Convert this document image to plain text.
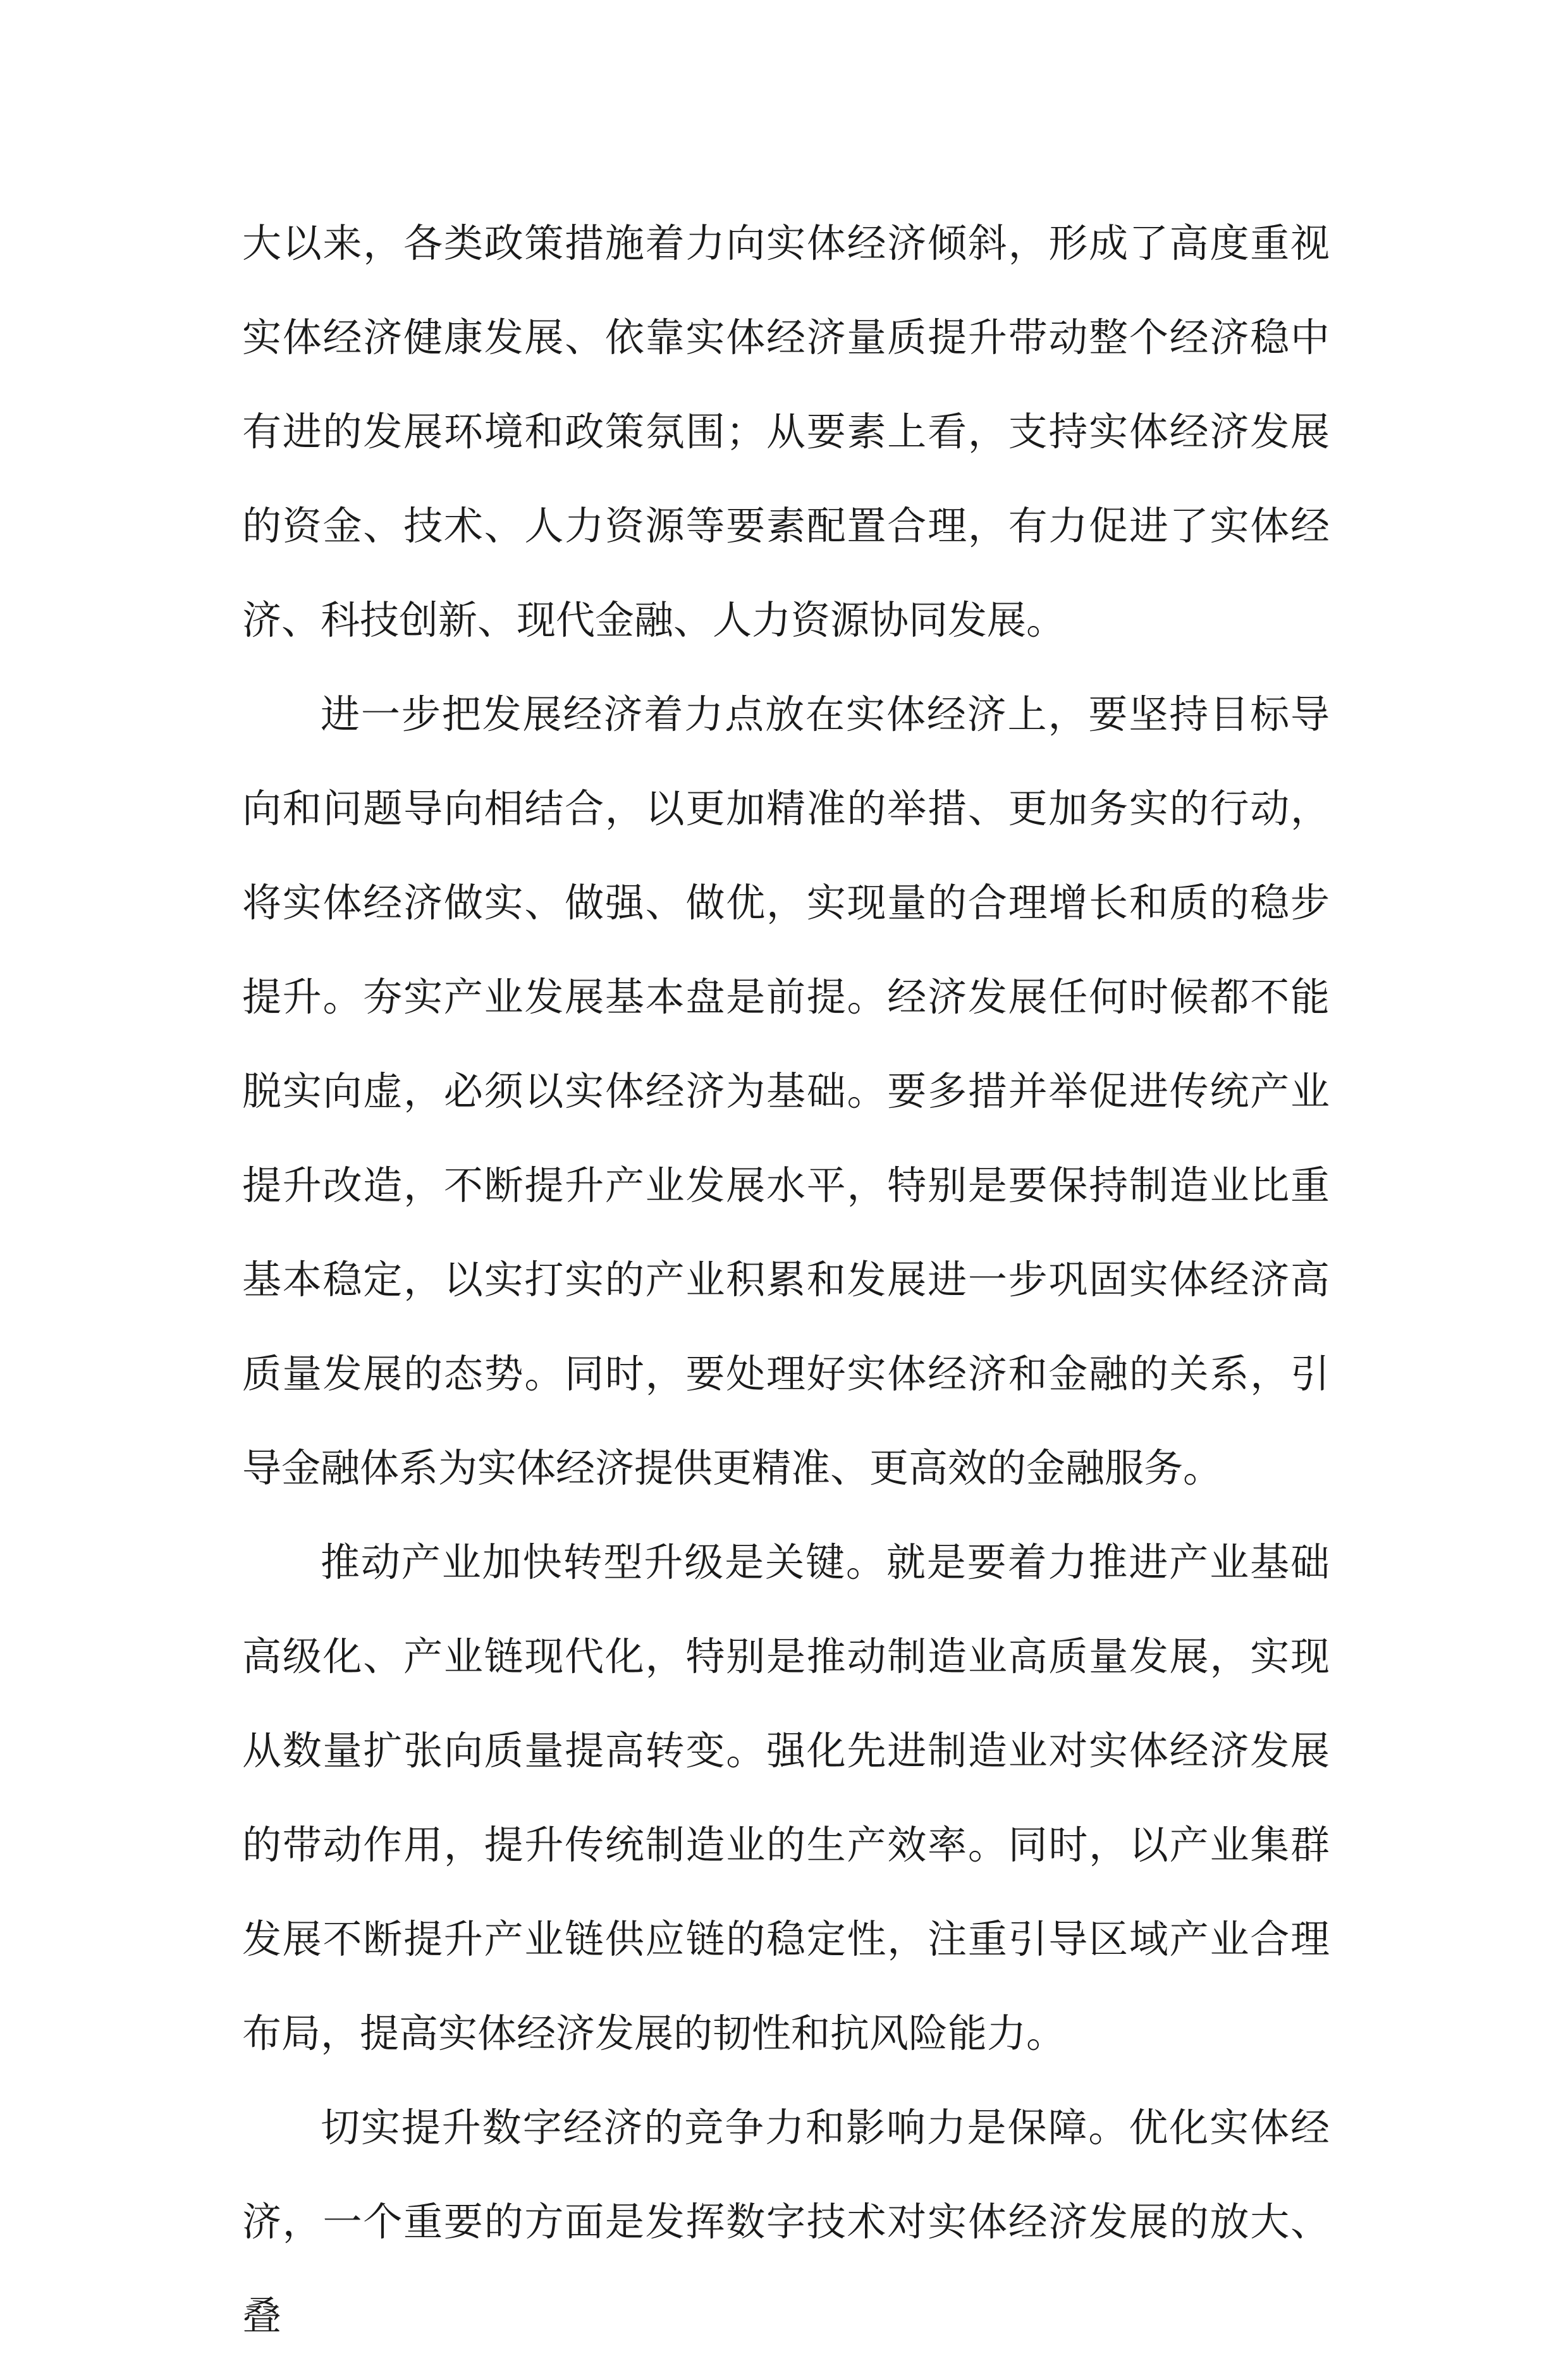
大以来，各类政策措施着力向实体经济倾斜，形成了高度重视实体经济健康发展、依靠实体经济量质提升带动整个经济稳中有进的发展环境和政策氛围；从要素上看，支持实体经济发展的资金、技术、人力资源等要素配置合理，有力促进了实体经济、科技创新、现代金融、人力资源协同发展。

进一步把发展经济着力点放在实体经济上，要坚持目标导向和问题导向相结合，以更加精准的举措、更加务实的行动，将实体经济做实、做强、做优，实现量的合理增长和质的稳步提升。夯实产业发展基本盘是前提。经济发展任何时候都不能脱实向虚，必须以实体经济为基础。要多措并举促进传统产业提升改造，不断提升产业发展水平，特别是要保持制造业比重基本稳定，以实打实的产业积累和发展进一步巩固实体经济高质量发展的态势。同时，要处理好实体经济和金融的关系，引导金融体系为实体经济提供更精准、更高效的金融服务。

推动产业加快转型升级是关键。就是要着力推进产业基础高级化、产业链现代化，特别是推动制造业高质量发展，实现从数量扩张向质量提高转变。强化先进制造业对实体经济发展的带动作用，提升传统制造业的生产效率。同时，以产业集群发展不断提升产业链供应链的稳定性，注重引导区域产业合理布局，提高实体经济发展的韧性和抗风险能力。

切实提升数字经济的竞争力和影响力是保障。优化实体经济，一个重要的方面是发挥数字技术对实体经济发展的放大、叠
